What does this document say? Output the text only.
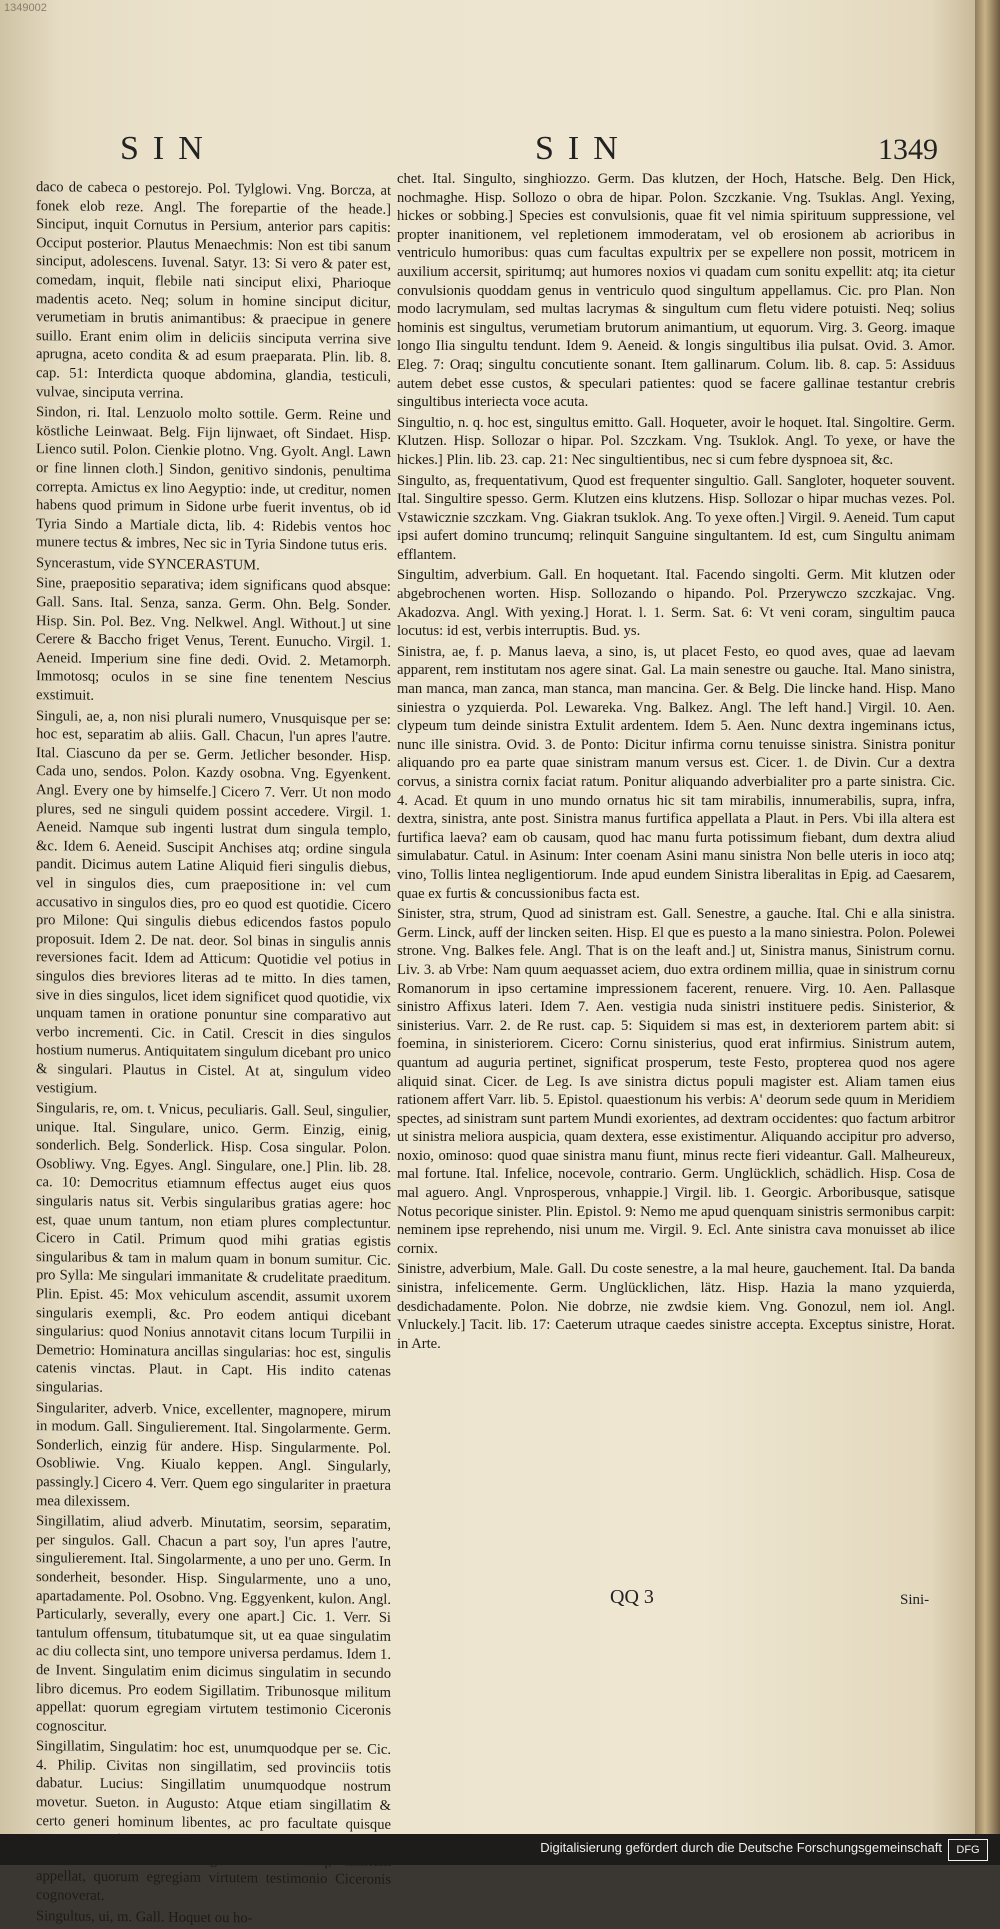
1349002
SIN	SIN	1349

daco de cabeca o pestorejo. Pol. Tylglowi. Vng. Borcza, at fonek elob reze. Angl. The forepartie of the heade.] Sinciput, inquit Cornutus in Persium, anterior pars capitis: Occiput posterior. Plautus Menaechmis: Non est tibi sanum sinciput, adolescens. Iuvenal. Satyr. 13: Si vero & pater est, comedam, inquit, flebile nati sinciput elixi, Pharioque madentis aceto. Neq; solum in homine sinciput dicitur, verumetiam in brutis animantibus: & praecipue in genere suillo. Erant enim olim in deliciis sinciputa verrina sive aprugna, aceto condita & ad esum praeparata. Plin. lib. 8. cap. 51: Interdicta quoque abdomina, glandia, testiculi, vulvae, sinciputa verrina.

Sindon, ri. Ital. Lenzuolo molto sottile. Germ. Reine und köstliche Leinwaat. Belg. Fijn lijnwaet, oft Sindaet. Hisp. Lienco sutil. Polon. Cienkie plotno. Vng. Gyolt. Angl. Lawn or fine linnen cloth.] Sindon, genitivo sindonis, penultima correpta. Amictus ex lino Aegyptio: inde, ut creditur, nomen habens quod primum in Sidone urbe fuerit inventus, ob id Tyria Sindo a Martiale dicta, lib. 4: Ridebis ventos hoc munere tectus & imbres, Nec sic in Tyria Sindone tutus eris.

Syncerastum, vide SYNCERASTUM.

Sine, praepositio separativa; idem significans quod absque: Gall. Sans. Ital. Senza, sanza. Germ. Ohn. Belg. Sonder. Hisp. Sin. Pol. Bez. Vng. Nelkwel. Angl. Without.] ut sine Cerere & Baccho friget Venus, Terent. Eunucho. Virgil. 1. Aeneid. Imperium sine fine dedi. Ovid. 2. Metamorph. Immotosq; oculos in se sine fine tenentem Nescius exstimuit.

Singuli, ae, a, non nisi plurali numero, Vnusquisque per se: hoc est, separatim ab aliis. Gall. Chacun, l'un apres l'autre. Ital. Ciascuno da per se. Germ. Jetlicher besonder. Hisp. Cada uno, sendos. Polon. Kazdy osobna. Vng. Egyenkent. Angl. Every one by himselfe.] Cicero 7. Verr. Ut non modo plures, sed ne singuli quidem possint accedere. Virgil. 1. Aeneid. Namque sub ingenti lustrat dum singula templo, &c. Idem 6. Aeneid. Suscipit Anchises atq; ordine singula pandit. Dicimus autem Latine Aliquid fieri singulis diebus, vel in singulos dies, cum praepositione in: vel cum accusativo in singulos dies, pro eo quod est quotidie. Cicero pro Milone: Qui singulis diebus edicendos fastos populo proposuit. Idem 2. De nat. deor. Sol binas in singulis annis reversiones facit. Idem ad Atticum: Quotidie vel potius in singulos dies breviores literas ad te mitto. In dies tamen, sive in dies singulos, licet idem significet quod quotidie, vix unquam tamen in oratione ponuntur sine comparativo aut verbo incrementi. Cic. in Catil. Crescit in dies singulos hostium numerus. Antiquitatem singulum dicebant pro unico & singulari. Plautus in Cistel. At at, singulum video vestigium.

Singularis, re, om. t. Vnicus, peculiaris. Gall. Seul, singulier, unique. Ital. Singulare, unico. Germ. Einzig, einig, sonderlich. Belg. Sonderlick. Hisp. Cosa singular. Polon. Osobliwy. Vng. Egyes. Angl. Singulare, one.] Plin. lib. 28. ca. 10: Democritus etiamnum effectus auget eius quos singularis natus sit. Verbis singularibus gratias agere: hoc est, quae unum tantum, non etiam plures complectuntur. Cicero in Catil. Primum quod mihi gratias egistis singularibus & tam in malum quam in bonum sumitur. Cic. pro Sylla: Me singulari immanitate & crudelitate praeditum. Plin. Epist. 45: Mox vehiculum ascendit, assumit uxorem singularis exempli, &c. Pro eodem antiqui dicebant singularius: quod Nonius annotavit citans locum Turpilii in Demetrio: Hominatura ancillas singularias: hoc est, singulis catenis vinctas. Plaut. in Capt. His indito catenas singularias.

Singulariter, adverb. Vnice, excellenter, magnopere, mirum in modum. Gall. Singulierement. Ital. Singolarmente. Germ. Sonderlich, einzig für andere. Hisp. Singularmente. Pol. Osobliwie. Vng. Kiualo keppen. Angl. Singularly, passingly.] Cicero 4. Verr. Quem ego singulariter in praetura mea dilexissem.

Singillatim, aliud adverb. Minutatim, seorsim, separatim, per singulos. Gall. Chacun a part soy, l'un apres l'autre, singulierement. Ital. Singolarmente, a uno per uno. Germ. In sonderheit, besonder. Hisp. Singularmente, uno a uno, apartadamente. Pol. Osobno. Vng. Eggyenkent, kulon. Angl. Particularly, severally, every one apart.] Cic. 1. Verr. Si tantulum offensum, titubatumque sit, ut ea quae singulatim ac diu collecta sint, uno tempore universa perdamus. Idem 1. de Invent. Singulatim enim dicimus singulatim in secundo libro dicemus. Pro eodem Sigillatim. Tribunosque militum appellat: quorum egregiam virtutem testimonio Ciceronis cognoscitur.

Singillatim, Singulatim: hoc est, unumquodque per se. Cic. 4. Philip. Civitas non singillatim, sed provinciis totis dabatur. Lucius: Singillatim unumquodque nostrum movetur. Sueton. in Augusto: Atque etiam singillatim & certo generi hominum libentes, ac pro facultate quisque appellat, quorum egregiam virtutem testimonio Ciceronis cognoverat.

Singultus, ui, m. Gall. Hoquet ou ho-

chet. Ital. Singulto, singhiozzo. Germ. Das klutzen, der Hoch, Hatsche. Belg. Den Hick, nochmaghe. Hisp. Sollozo o obra de hipar. Polon. Szczkanie. Vng. Tsuklas. Angl. Yexing, hickes or sobbing.] Species est convulsionis, quae fit vel nimia spirituum suppressione, vel propter inanitionem, vel repletionem immoderatam, vel ob erosionem ab acrioribus in ventriculo humoribus: quas cum facultas expultrix per se expellere non possit, motricem in auxilium accersit, spiritumq; aut humores noxios vi quadam cum sonitu expellit: atq; ita cietur convulsionis quoddam genus in ventriculo quod singultum appellamus. Cic. pro Plan. Non modo lacrymulam, sed multas lacrymas & singultum cum fletu videre potuisti. Neq; solius hominis est singultus, verumetiam brutorum animantium, ut equorum. Virg. 3. Georg. imaque longo Ilia singultu tendunt. Idem 9. Aeneid. & longis singultibus ilia pulsat. Ovid. 3. Amor. Eleg. 7: Oraq; singultu concutiente sonant. Item gallinarum. Colum. lib. 8. cap. 5: Assiduus autem debet esse custos, & speculari patientes: quod se facere gallinae testantur crebris singultibus interiecta voce acuta.

Singultio, n. q. hoc est, singultus emitto. Gall. Hoqueter, avoir le hoquet. Ital. Singoltire. Germ. Klutzen. Hisp. Sollozar o hipar. Pol. Szczkam. Vng. Tsuklok. Angl. To yexe, or have the hickes.] Plin. lib. 23. cap. 21: Nec singultientibus, nec si cum febre dyspnoea sit, &c.

Singulto, as, frequentativum, Quod est frequenter singultio. Gall. Sangloter, hoqueter souvent. Ital. Singultire spesso. Germ. Klutzen eins klutzens. Hisp. Sollozar o hipar muchas vezes. Pol. Vstawicznie szczkam. Vng. Giakran tsuklok. Ang. To yexe often.] Virgil. 9. Aeneid. Tum caput ipsi aufert domino truncumq; relinquit Sanguine singultantem. Id est, cum Singultu animam efflantem.

Singultim, adverbium. Gall. En hoquetant. Ital. Facendo singolti. Germ. Mit klutzen oder abgebrochenen worten. Hisp. Sollozando o hipando. Pol. Przerywczo szczkajac. Vng. Akadozva. Angl. With yexing.] Horat. l. 1. Serm. Sat. 6: Vt veni coram, singultim pauca locutus: id est, verbis interruptis. Bud. ys.

Sinistra, ae, f. p. Manus laeva, a sino, is, ut placet Festo, eo quod aves, quae ad laevam apparent, rem institutam nos agere sinat. Gal. La main senestre ou gauche. Ital. Mano sinistra, man manca, man zanca, man stanca, man mancina. Ger. & Belg. Die lincke hand. Hisp. Mano siniestra o yzquierda. Pol. Lewareka. Vng. Balkez. Angl. The left hand.] Virgil. 10. Aen. clypeum tum deinde sinistra Extulit ardentem. Idem 5. Aen. Nunc dextra ingeminans ictus, nunc ille sinistra. Ovid. 3. de Ponto: Dicitur infirma cornu tenuisse sinistra. Sinistra ponitur aliquando pro ea parte quae sinistram manum versus est. Cicer. 1. de Divin. Cur a dextra corvus, a sinistra cornix faciat ratum. Ponitur aliquando adverbialiter pro a parte sinistra. Cic. 4. Acad. Et quum in uno mundo ornatus hic sit tam mirabilis, innumerabilis, supra, infra, dextra, sinistra, ante post. Sinistra manus furtifica appellata a Plaut. in Pers. Vbi illa altera est furtifica laeva? eam ob causam, quod hac manu furta potissimum fiebant, dum dextra aliud simulabatur. Catul. in Asinum: Inter coenam Asini manu sinistra Non belle uteris in ioco atq; vino, Tollis lintea negligentiorum. Inde apud eundem Sinistra liberalitas in Epig. ad Caesarem, quae ex furtis & concussionibus facta est.

Sinister, stra, strum, Quod ad sinistram est. Gall. Senestre, a gauche. Ital. Chi e alla sinistra. Germ. Linck, auff der lincken seiten. Hisp. El que es puesto a la mano siniestra. Polon. Polewei strone. Vng. Balkes fele. Angl. That is on the leaft and.] ut, Sinistra manus, Sinistrum cornu. Liv. 3. ab Vrbe: Nam quum aequasset aciem, duo extra ordinem millia, quae in sinistrum cornu Romanorum in ipso certamine impressionem facerent, renuere. Virg. 10. Aen. Pallasque sinistro Affixus lateri. Idem 7. Aen. vestigia nuda sinistri instituere pedis. Sinisterior, & sinisterius. Varr. 2. de Re rust. cap. 5: Siquidem si mas est, in dexteriorem partem abit: si foemina, in sinisteriorem. Cicero: Cornu sinisterius, quod erat infirmius. Sinistrum autem, quantum ad auguria pertinet, significat prosperum, teste Festo, propterea quod nos agere aliquid sinat. Cicer. de Leg. Is ave sinistra dictus populi magister est. Aliam tamen eius rationem affert Varr. lib. 5. Epistol. quaestionum his verbis: A' deorum sede quum in Meridiem spectes, ad sinistram sunt partem Mundi exorientes, ad dextram occidentes: quo factum arbitror ut sinistra meliora auspicia, quam dextera, esse existimentur. Aliquando accipitur pro adverso, noxio, ominoso: quod quae sinistra manu fiunt, minus recte fieri videantur. Gall. Malheureux, mal fortune. Ital. Infelice, nocevole, contrario. Germ. Unglücklich, schädlich. Hisp. Cosa de mal aguero. Angl. Vnprosperous, vnhappie.] Virgil. lib. 1. Georgic. Arboribusque, satisque Notus pecorique sinister. Plin. Epistol. 9: Nemo me apud quenquam sinistris sermonibus carpit: neminem ipse reprehendo, nisi unum me. Virgil. 9. Ecl. Ante sinistra cava monuisset ab ilice cornix.

Sinistre, adverbium, Male. Gall. Du coste senestre, a la mal heure, gauchement. Ital. Da banda sinistra, infelicemente. Germ. Unglücklichen, lätz. Hisp. Hazia la mano yzquierda, desdichadamente. Polon. Nie dobrze, nie zwdsie kiem. Vng. Gonozul, nem iol. Angl. Vnluckely.] Tacit. lib. 17: Caeterum utraque caedes sinistre accepta. Exceptus sinistre, Horat. in Arte.

QQ 3	Sini-
Digitalisierung gefördert durch die Deutsche Forschungsgemeinschaft	DFG
